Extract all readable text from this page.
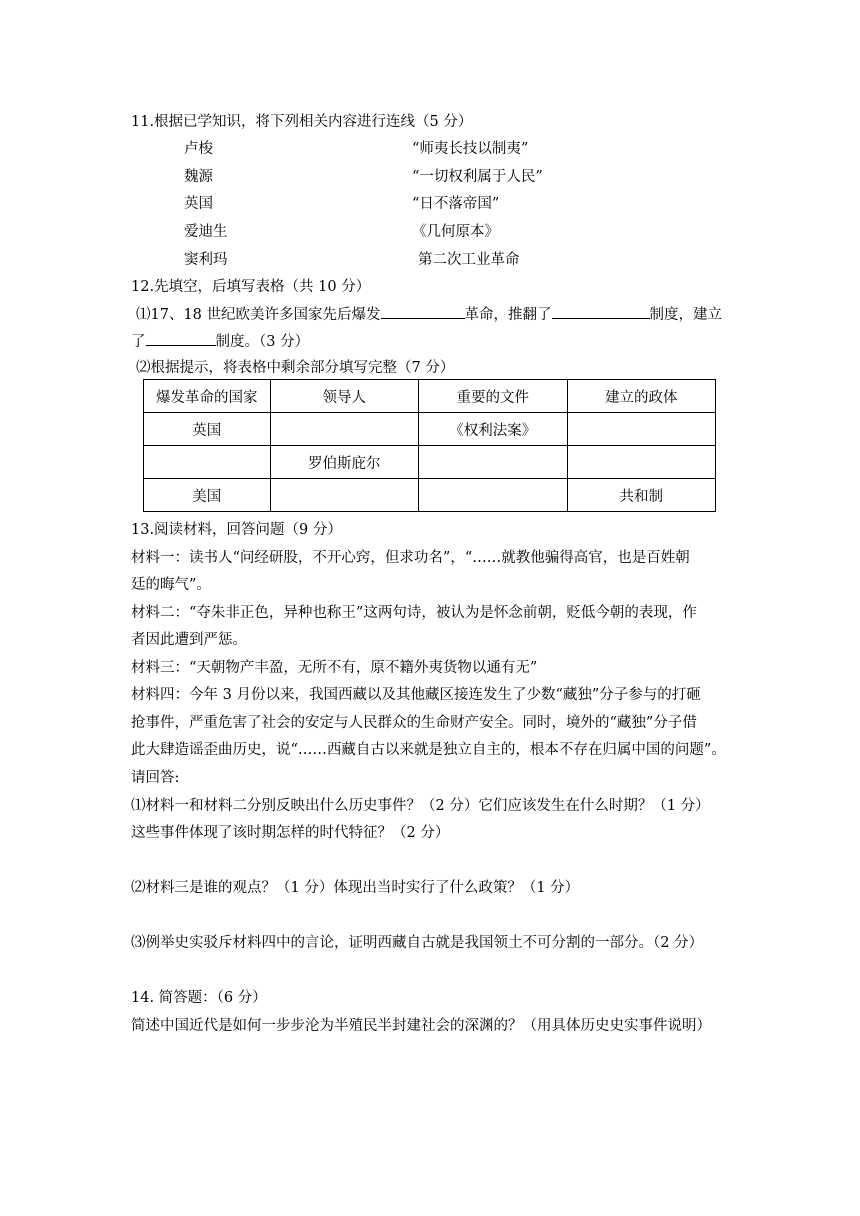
11.根据已学知识，将下列相关内容进行连线（5 分）
卢梭
魏源
英国
爱迪生
窦利玛
“师夷长技以制夷”
“一切权利属于人民”
“日不落帝国”
《几何原本》
第二次工业革命
12.先填空，后填写表格（共 10 分）
⑴17、18 世纪欧美许多国家先后爆发	革命，推翻了	制度，建立
了	制度。（3 分）
⑵根据提示，将表格中剩余部分填写完整（7 分）
爆发革命的国家	领导人	重要的文件	建立的政体
英国		《权利法案》	
	罗伯斯庇尔		
美国			共和制
13.阅读材料，回答问题（9 分）
材料一：读书人“问经研股，不开心窍，但求功名”，“……就教他骗得高官，也是百姓朝
廷的晦气”。
材料二：“夺朱非正色，异种也称王”这两句诗，被认为是怀念前朝，贬低今朝的表现，作
者因此遭到严惩。
材料三：“天朝物产丰盈，无所不有，原不籍外夷货物以通有无”
材料四：今年 3 月份以来，我国西藏以及其他藏区接连发生了少数“藏独”分子参与的打砸
抢事件，严重危害了社会的安定与人民群众的生命财产安全。同时，境外的“藏独”分子借
此大肆造谣歪曲历史，说“……西藏自古以来就是独立自主的，根本不存在归属中国的问题”。
请回答:
⑴材料一和材料二分别反映出什么历史事件？（2 分）它们应该发生在什么时期？（1 分）
这些事件体现了该时期怎样的时代特征？（2 分）
⑵材料三是谁的观点？（1 分）体现出当时实行了什么政策？（1 分）
⑶例举史实驳斥材料四中的言论，证明西藏自古就是我国领土不可分割的一部分。（2 分）
14. 简答题：（6 分）
简述中国近代是如何一步步沦为半殖民半封建社会的深渊的？（用具体历史史实事件说明）
